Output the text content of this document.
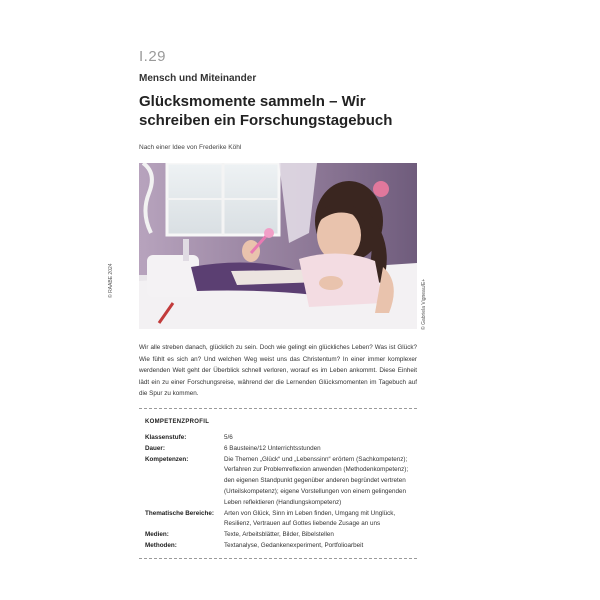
I.29
Mensch und Miteinander
Glücksmomente sammeln – Wir schreiben ein Forschungstagebuch
Nach einer Idee von Frederike Köhl
© RAABE 2024	© Gabriela Vigneau/E+
Wir alle streben danach, glücklich zu sein. Doch wie gelingt ein glückliches Leben? Was ist Glück? Wie fühlt es sich an? Und welchen Weg weist uns das Christentum? In einer immer komplexer werdenden Welt geht der Überblick schnell verloren, worauf es im Leben ankommt. Diese Einheit lädt ein zu einer Forschungsreise, während der die Lernenden Glücksmomenten im Tagebuch auf die Spur zu kommen.
KOMPETENZPROFIL
Klassenstufe:	5/6
Dauer:	6 Bausteine/12 Unterrichtsstunden
Kompetenzen:	Die Themen „Glück“ und „Lebenssinn“ erörtern (Sachkompetenz); Verfahren zur Problemreflexion anwenden (Methodenkompetenz); den eigenen Standpunkt gegenüber anderen begründet vertreten (Urteilskompetenz); eigene Vorstellungen von einem gelingenden Leben reflektieren (Handlungskompetenz)
Thematische Bereiche:	Arten von Glück, Sinn im Leben finden, Umgang mit Unglück, Resilienz, Vertrauen auf Gottes liebende Zusage an uns
Medien:	Texte, Arbeitsblätter, Bilder, Bibelstellen
Methoden:	Textanalyse, Gedankenexperiment, Portfolioarbeit
